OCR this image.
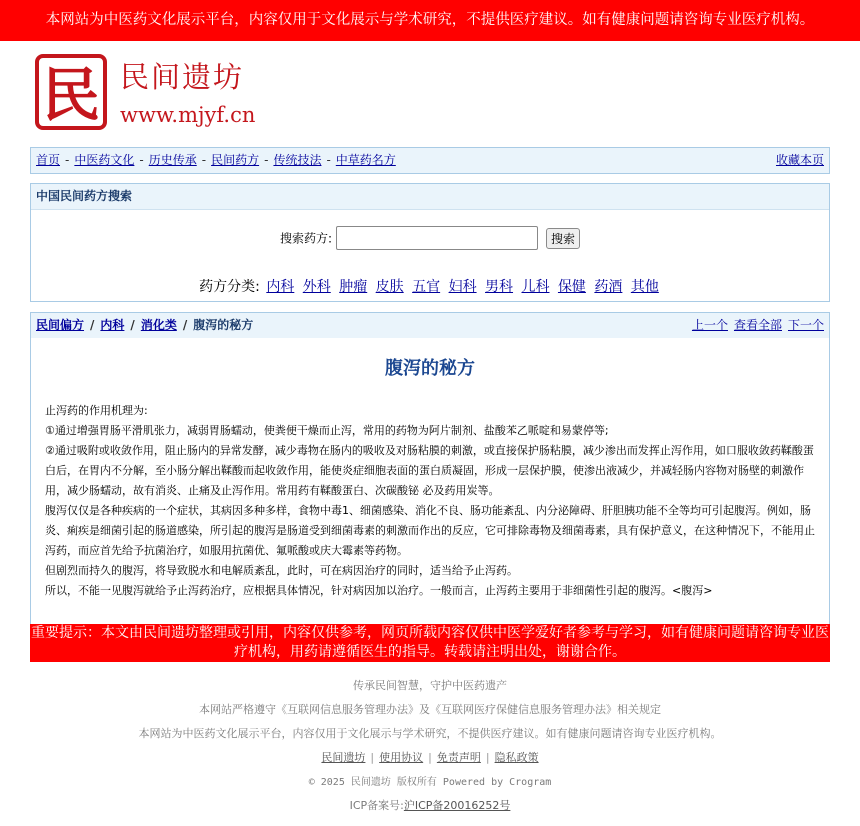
本网站为中医药文化展示平台，内容仅用于文化展示与学术研究，不提供医疗建议。如有健康问题请咨询专业医疗机构。
民 民间遗坊
www.mjyf.cn
首页 - 中医药文化 - 历史传承 - 民间药方 - 传统技法 - 中草药名方	收藏本页
中国民间药方搜索
搜索药方:	搜索
药方分类: 内科 外科 肿瘤 皮肤 五官 妇科 男科 儿科 保健 药酒 其他
民间偏方 / 内科 / 消化类 / 腹泻的秘方	上一个 查看全部 下一个
腹泻的秘方

止泻药的作用机理为:

①通过增强胃肠平滑肌张力，减弱胃肠蠕动，使粪便干燥而止泻，常用的药物为阿片制剂、盐酸苯乙哌啶和易蒙停等;

②通过吸附或收敛作用，阻止肠内的异常发酵，减少毒物在肠内的吸收及对肠粘膜的刺激，或直接保护肠粘膜，减少渗出而发挥止泻作用，如口服收敛药鞣酸蛋白后，在胃内不分解，至小肠分解出鞣酸而起收敛作用，能使炎症细胞表面的蛋白质凝固，形成一层保护膜，使渗出液减少，并减轻肠内容物对肠壁的刺激作用，减少肠蠕动，故有消炎、止痛及止泻作用。常用药有鞣酸蛋白、次碳酸铋 必及药用炭等。

腹泻仅仅是各种疾病的一个症状，其病因多种多样，食物中毒1、细菌感染、消化不良、肠功能紊乱、内分泌障碍、肝胆胰功能不全等均可引起腹泻。例如，肠炎、痢疾是细菌引起的肠道感染，所引起的腹泻是肠道受到细菌毒素的刺激而作出的反应，它可排除毒物及细菌毒素，具有保护意义，在这种情况下，不能用止泻药，而应首先给予抗菌治疗，如服用抗菌优、氟哌酸或庆大霉素等药物。

但剧烈而持久的腹泻，将导致脱水和电解质紊乱，此时，可在病因治疗的同时，适当给予止泻药。

所以，不能一见腹泻就给予止泻药治疗，应根据具体情况，针对病因加以治疗。一般而言，止泻药主要用于非细菌性引起的腹泻。<腹泻>

重要提示：本文由民间遗坊整理或引用，内容仅供参考，网页所载内容仅供中医学爱好者参考与学习，如有健康问题请咨询专业医疗机构，用药请遵循医生的指导。转载请注明出处，谢谢合作。
传承民间智慧，守护中医药遗产
本网站严格遵守《互联网信息服务管理办法》及《互联网医疗保健信息服务管理办法》相关规定
本网站为中医药文化展示平台，内容仅用于文化展示与学术研究，不提供医疗建议。如有健康问题请咨询专业医疗机构。
民间遗坊 | 使用协议 | 免责声明 | 隐私政策
© 2025 民间遗坊 版权所有 Powered by Crogram
ICP备案号:沪ICP备20016252号
